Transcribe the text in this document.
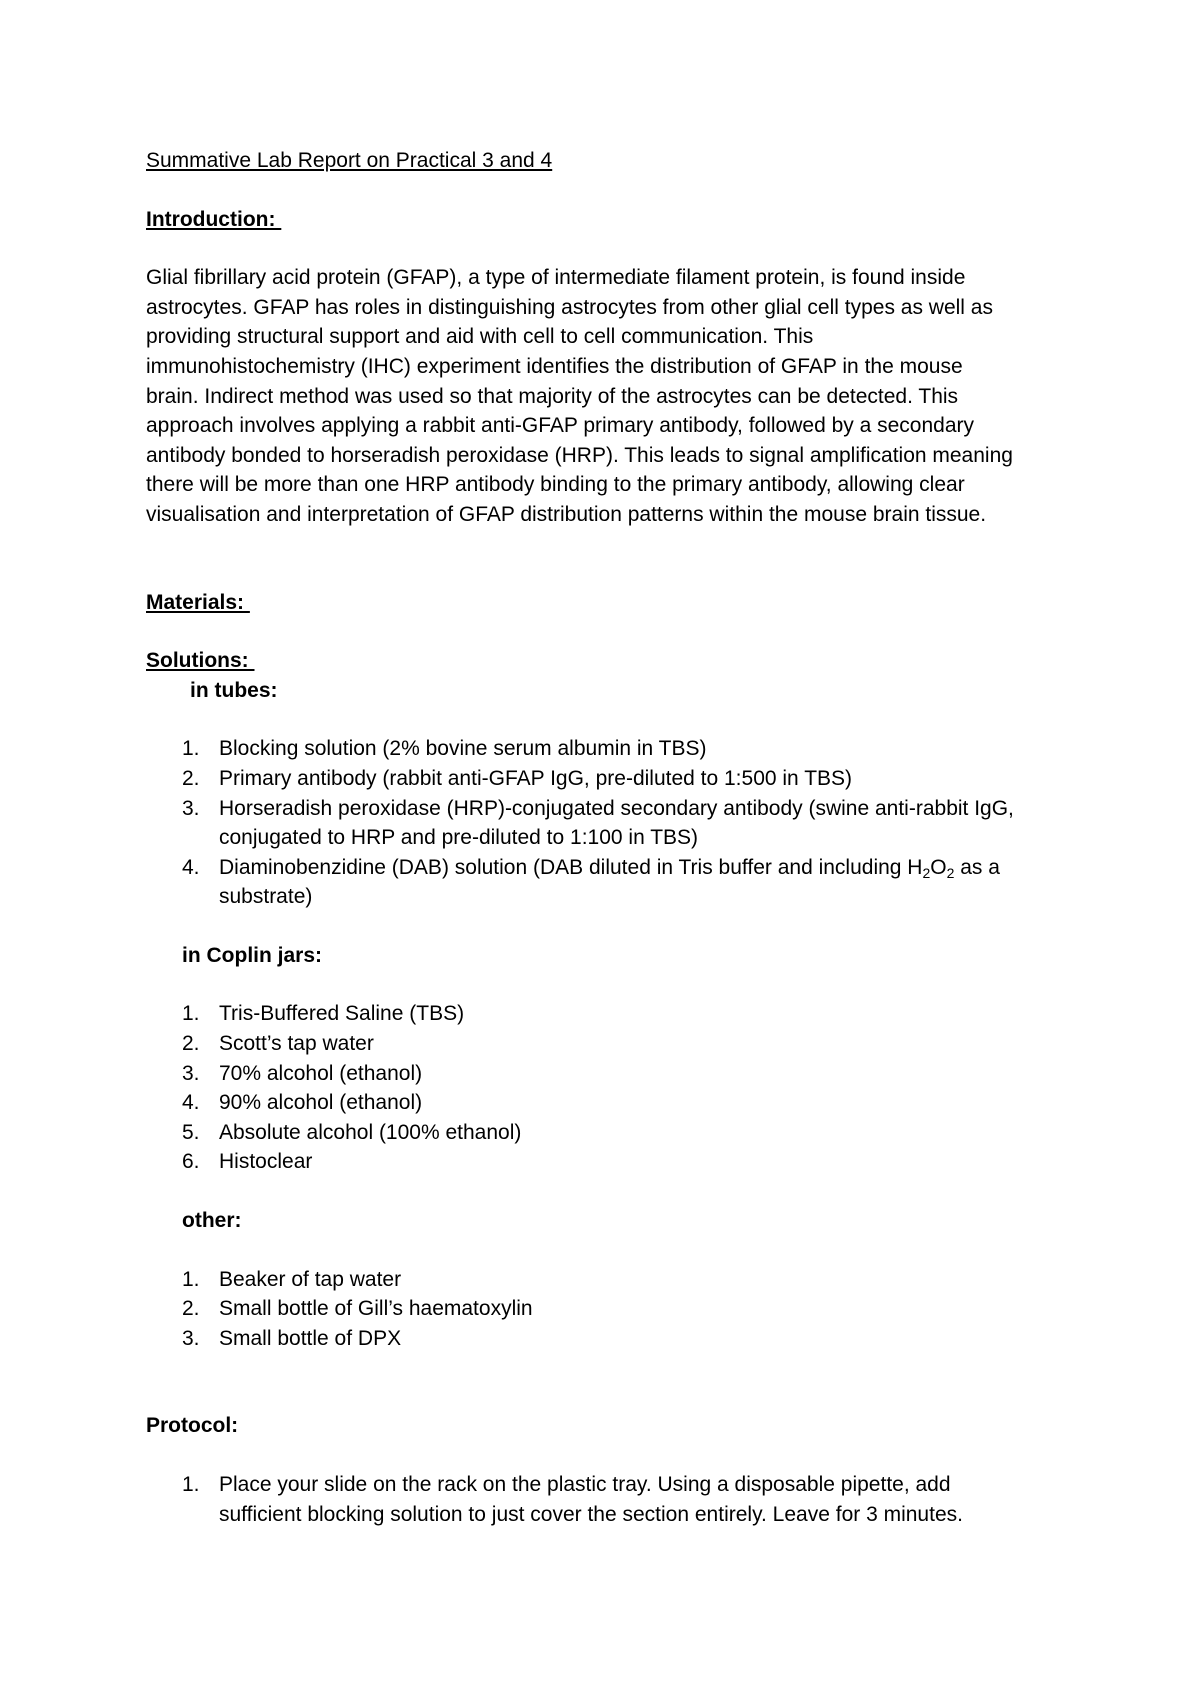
Summative Lab Report on Practical 3 and 4

Introduction:

Glial fibrillary acid protein (GFAP), a type of intermediate filament protein, is found inside

astrocytes. GFAP has roles in distinguishing astrocytes from other glial cell types as well as

providing structural support and aid with cell to cell communication. This

immunohistochemistry (IHC) experiment identifies the distribution of GFAP in the mouse

brain. Indirect method was used so that majority of the astrocytes can be detected. This

approach involves applying a rabbit anti-GFAP primary antibody, followed by a secondary

antibody bonded to horseradish peroxidase (HRP). This leads to signal amplification meaning

there will be more than one HRP antibody binding to the primary antibody, allowing clear

visualisation and interpretation of GFAP distribution patterns within the mouse brain tissue.

Materials:

Solutions:

in tubes:

1. Blocking solution (2% bovine serum albumin in TBS)
2. Primary antibody (rabbit anti-GFAP IgG, pre-diluted to 1:500 in TBS)
3. Horseradish peroxidase (HRP)-conjugated secondary antibody (swine anti-rabbit IgG,

conjugated to HRP and pre-diluted to 1:100 in TBS)

4. Diaminobenzidine (DAB) solution (DAB diluted in Tris buffer and including $H_2O_2$ as a

substrate)

in Coplin jars:

1. Tris-Buffered Saline (TBS)
2. Scott’s tap water
3. 70% alcohol (ethanol)
4. 90% alcohol (ethanol)
5. Absolute alcohol (100% ethanol)
6. Histoclear

other:

1. Beaker of tap water
2. Small bottle of Gill’s haematoxylin
3. Small bottle of DPX

Protocol:

1. Place your slide on the rack on the plastic tray. Using a disposable pipette, add

sufficient blocking solution to just cover the section entirely. Leave for 3 minutes.
